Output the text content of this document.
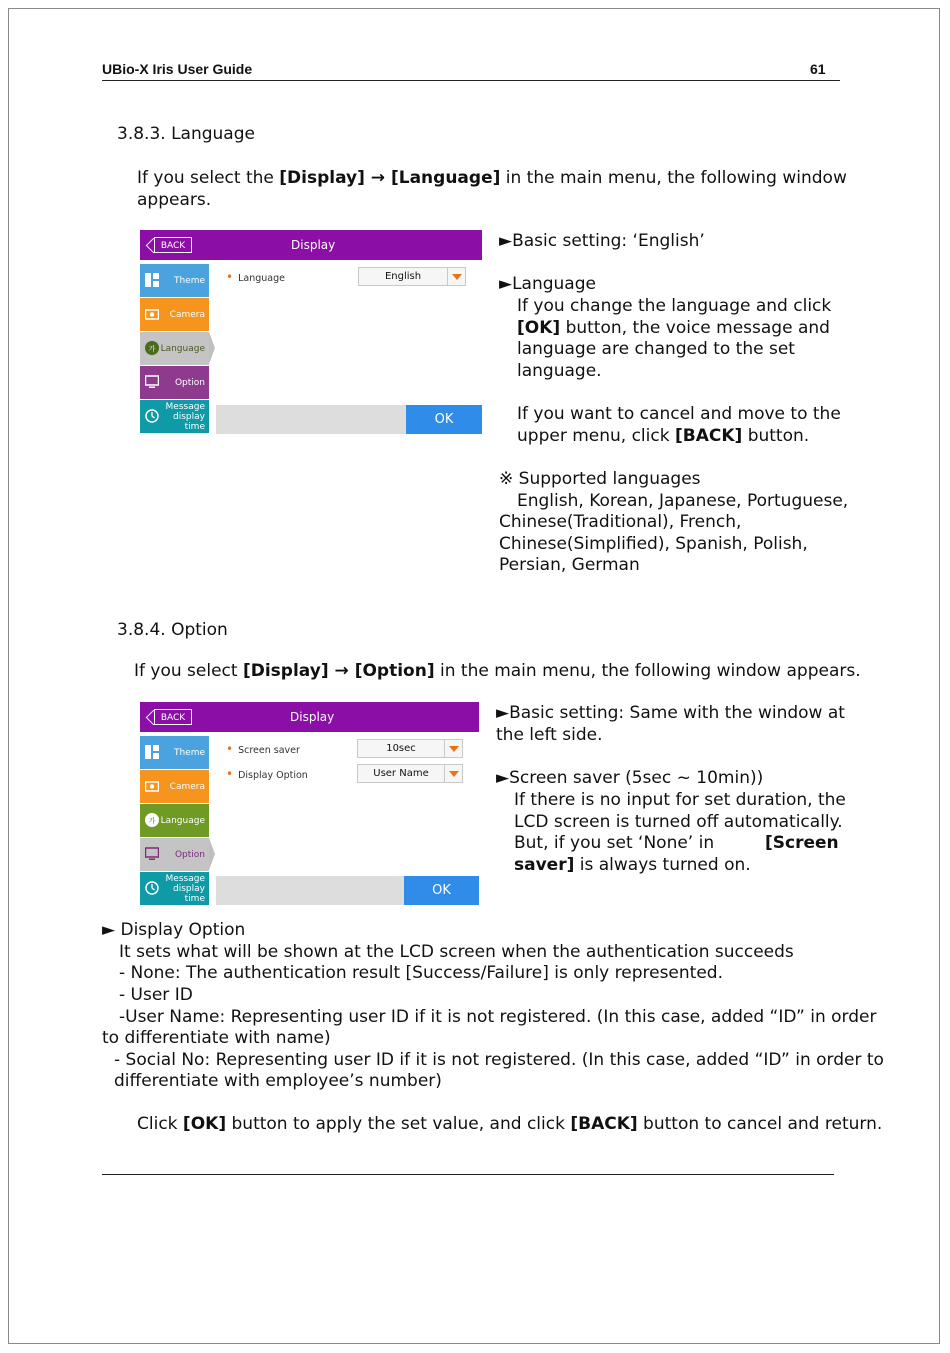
UBio-X Iris User Guide	61
3.8.3. Language
If you select the [Display] → [Language] in the main menu, the following window
appears.
BACK	Display
Theme
Camera
가 Language
Option
Message display time
• Language	English
OK
►Basic setting: ‘English’
►Language
If you change the language and click
[OK] button, the voice message and
language are changed to the set
language.
If you want to cancel and move to the
upper menu, click [BACK] button.
※ Supported languages
English, Korean, Japanese, Portuguese,
Chinese(Traditional), French,
Chinese(Simplified), Spanish, Polish,
Persian, German
3.8.4. Option
If you select [Display] → [Option] in the main menu, the following window appears.
BACK	Display
Theme
Camera
가 Language
Option
Message display time
• Screen saver	10sec
• Display Option	User Name
OK
►Basic setting: Same with the window at
the left side.
►Screen saver (5sec ~ 10min))
If there is no input for set duration, the
LCD screen is turned off automatically.
But, if you set ‘None’ in	[Screen
saver] is always turned on.
► Display Option
It sets what will be shown at the LCD screen when the authentication succeeds
- None: The authentication result [Success/Failure] is only represented.
- User ID
-User Name: Representing user ID if it is not registered. (In this case, added “ID” in order
to differentiate with name)
- Social No: Representing user ID if it is not registered. (In this case, added “ID” in order to
differentiate with employee’s number)
Click [OK] button to apply the set value, and click [BACK] button to cancel and return.
